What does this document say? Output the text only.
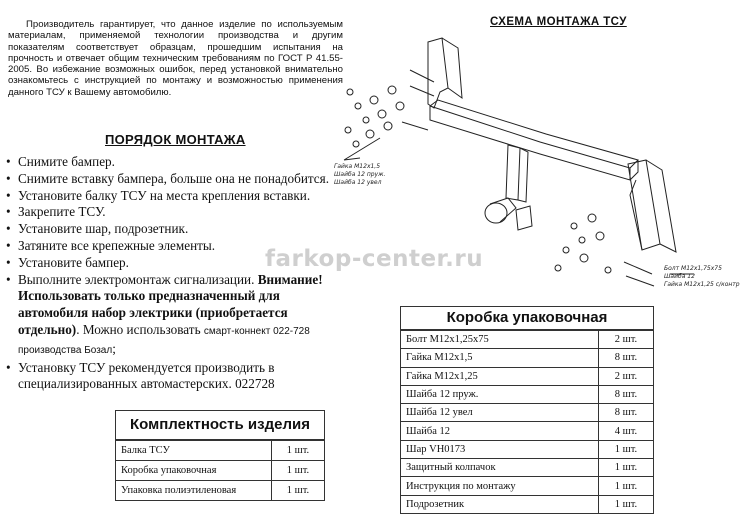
Производитель гарантирует, что данное изделие по используемым материалам, применяемой технологии производства и другим показателям соответствует образцам, прошедшим испытания на прочность и отвечает общим техническим требованиям по ГОСТ Р 41.55-2005. Во избежание возможных ошибок, перед установкой внимательно ознакомьтесь с инструкцией по монтажу и возможностью применения данного ТСУ к Вашему автомобилю.
ПОРЯДОК МОНТАЖА
• Снимите бампер.
• Снимите вставку бампера, больше она не понадобится.
• Установите балку ТСУ на места крепления вставки.
• Закрепите ТСУ.
• Установите шар, подрозетник.
• Затяните все крепежные элементы.
• Установите бампер.
• Выполните электромонтаж сигнализации. Внимание! Использовать только предназначенный для автомобиля набор электрики (приобретается отдельно). Можно использовать смарт-коннект 022-728 производства Бозал;
• Установку ТСУ рекомендуется производить в специализированных автомастерских. 022728
СХЕМА МОНТАЖА ТСУ
Гайка М12х1,5
Шайба 12 пруж.
Шайба 12 увел
Болт М12х1,75х75
Шайба 12
Гайка М12х1,25 с/контр
farkop-center.ru
Коробка упаковочная
Болт М12х1,25х75	2 шт.
Гайка М12х1,5	8 шт.
Гайка М12х1,25	2 шт.
Шайба 12 пруж.	8 шт.
Шайба 12 увел	8 шт.
Шайба 12	4 шт.
Шар VH0173	1 шт.
Защитный колпачок	1 шт.
Инструкция по монтажу	1 шт.
Подрозетник	1 шт.
Комплектность изделия
Балка ТСУ	1 шт.
Коробка упаковочная	1 шт.
Упаковка полиэтиленовая	1 шт.
